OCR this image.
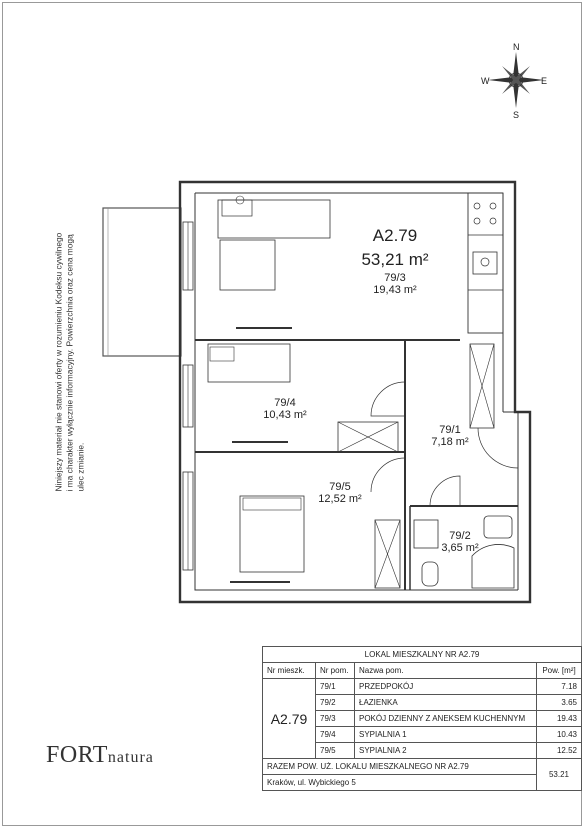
N
S
E
W
Niniejszy materiał nie stanowi oferty w rozumieniu Kodeksu cywilnego i ma charakter wyłącznie informacyjny. Powierzchnia oraz cena mogą ulec zmianie.
A2.79
53,21 m²
79/3
19,43 m²
79/4
10,43 m²
79/5
12,52 m²
79/1
7,18 m²
79/2
3,65 m²
FORTnatura
LOKAL MIESZKALNY NR A2.79			
Nr mieszk.	Nr pom.	Nazwa pom.	Pow. [m²]
A2.79	79/1	PRZEDPOKÓJ	7.18
	79/2	ŁAZIENKA	3.65
	79/3	POKÓJ DZIENNY Z ANEKSEM KUCHENNYM	19.43
	79/4	SYPIALNIA 1	10.43
	79/5	SYPIALNIA 2	12.52
RAZEM POW. UŻ. LOKALU MIESZKALNEGO NR A2.79			53.21
Kraków, ul. Wybickiego 5			
